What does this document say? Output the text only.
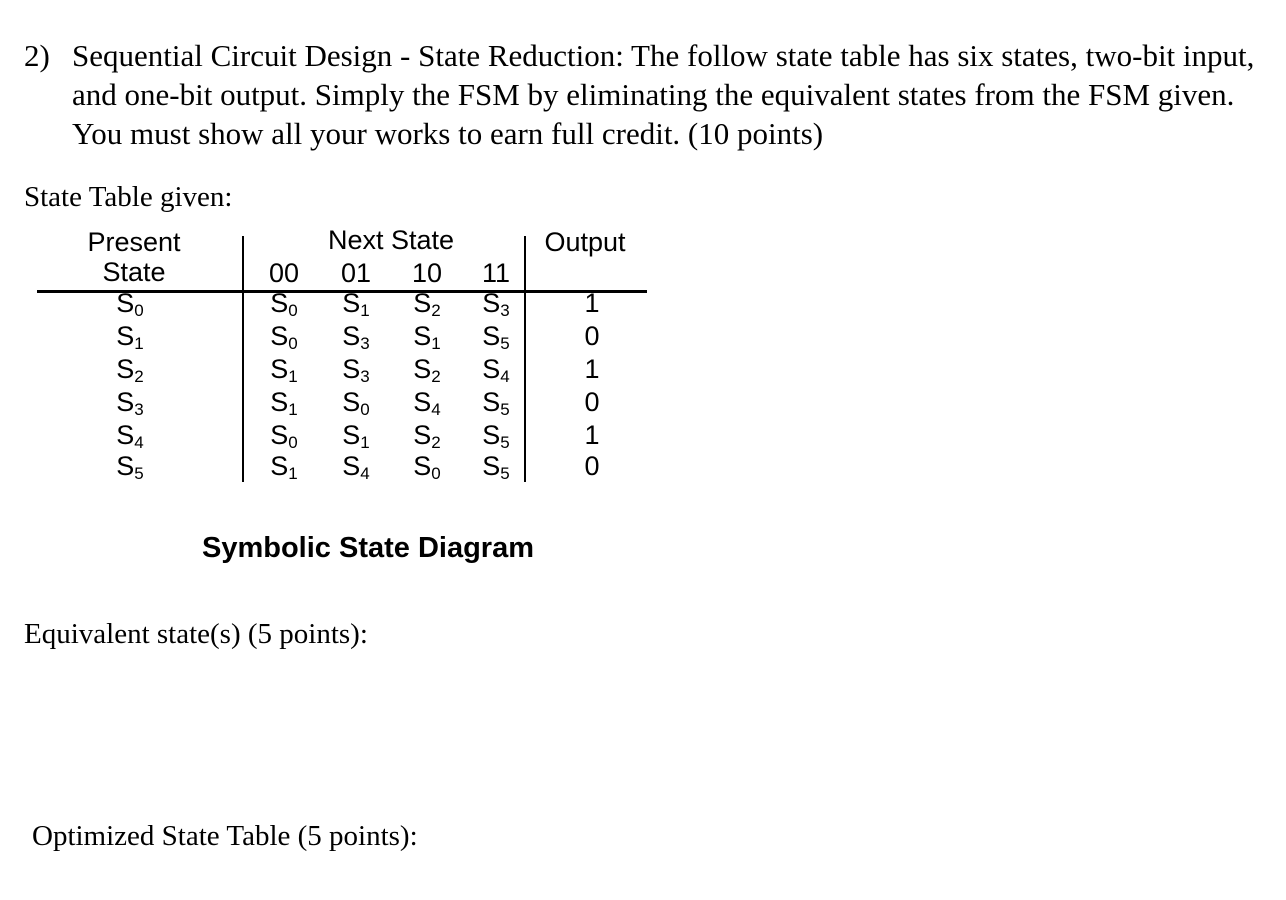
2) Sequential Circuit Design - State Reduction: The follow state table has six states, two-bit input, and one-bit output. Simply the FSM by eliminating the equivalent states from the FSM given. You must show all your works to earn full credit. (10 points)
State Table given:
Present
State
Next State	Output
00 01 10 11
$S_0$	$S_0$ $S_1$ $S_2$ $S_3$	1
$S_1$	$S_0$ $S_3$ $S_1$ $S_5$	0
$S_2$	$S_1$ $S_3$ $S_2$ $S_4$	1
$S_3$	$S_1$ $S_0$ $S_4$ $S_5$	0
$S_4$	$S_0$ $S_1$ $S_2$ $S_5$	1
$S_5$	$S_1$ $S_4$ $S_0$ $S_5$	0
Symbolic State Diagram
Equivalent state(s) (5 points):
Optimized State Table (5 points):
